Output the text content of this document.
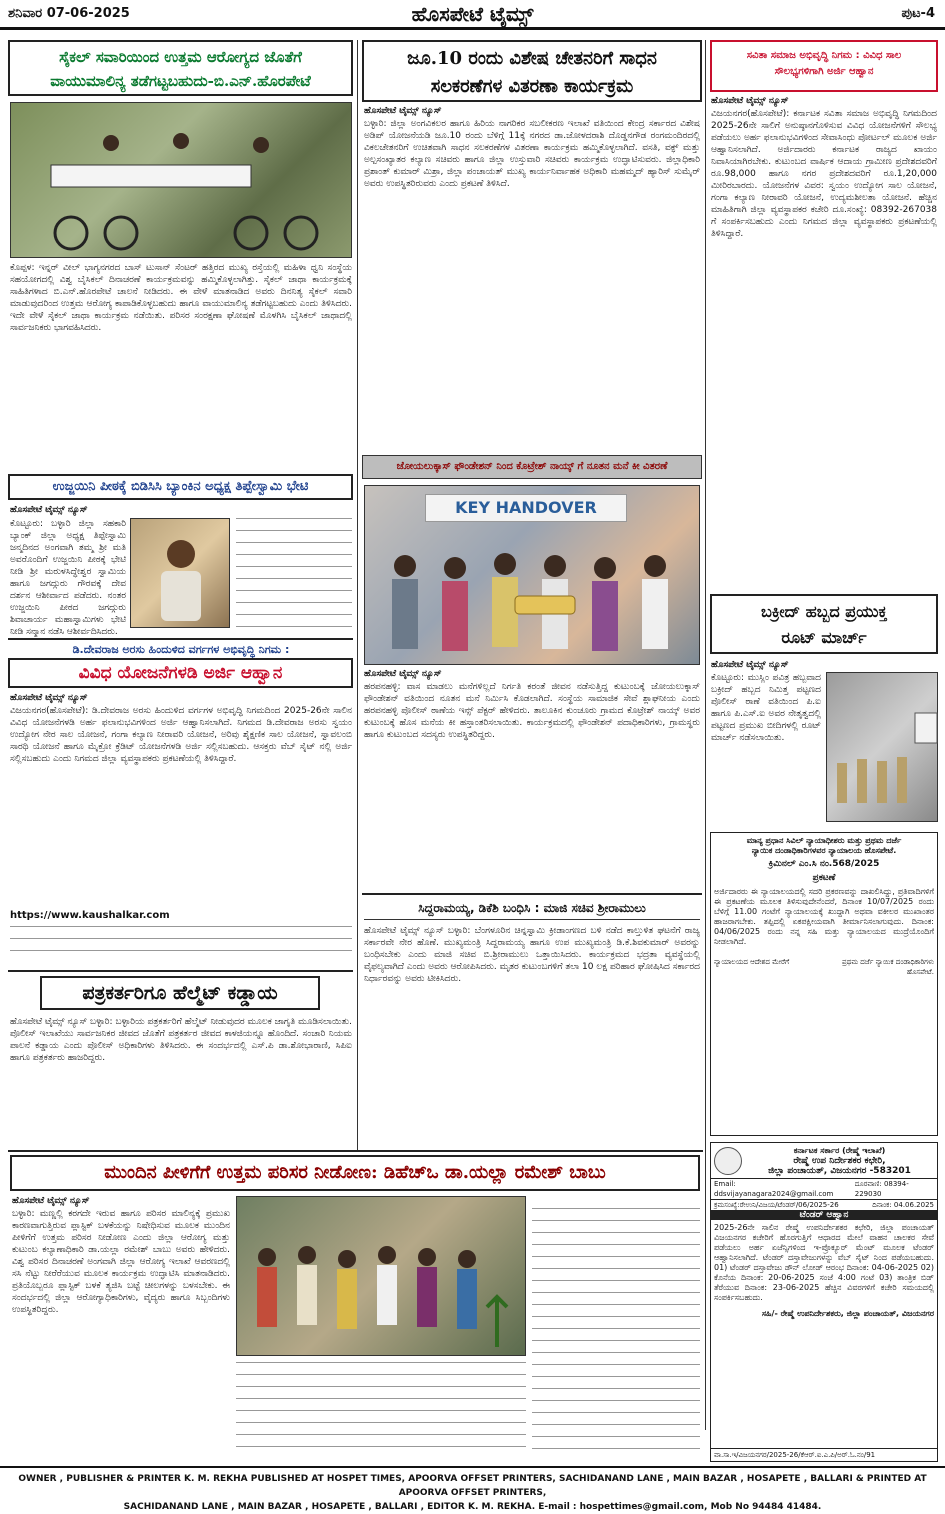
ಶನಿವಾರ 07-06-2025	ಹೊಸಪೇಟೆ ಟೈಮ್ಸ್	ಪುಟ-4
ಸೈಕಲ್ ಸವಾರಿಯಿಂದ ಉತ್ತಮ ಆರೋಗ್ಯದ ಜೊತೆಗೆ
ವಾಯುಮಾಲಿನ್ಯ ತಡೆಗಟ್ಟಬಹುದು-ಬಿ.ಎನ್.ಹೊರಪೇಟೆ
ಕೊಪ್ಪಳ: ಇನ್ನರ್ ವೀಲ್ ಭಾಗ್ಯನಗರದ ಬಾಸ್ ಟುಸಾನ್ ಸೆಂಟರ್ ಹತ್ತಿರದ ಮುಖ್ಯ ರಸ್ತೆಯಲ್ಲಿ ಮಹಿಳಾ ಧ್ವನಿ ಸಂಸ್ಥೆಯ ಸಹಯೋಗದಲ್ಲಿ ವಿಶ್ವ ಬೈಸಿಕಲ್ ದಿನಾಚರಣೆ ಕಾರ್ಯಕ್ರಮವನ್ನು ಹಮ್ಮಿಕೊಳ್ಳಲಾಗಿತ್ತು. ಸೈಕಲ್ ಜಾಥಾ ಕಾರ್ಯಕ್ರಮಕ್ಕೆ ಸಾಹಿತಿಗಳಾದ ಬಿ.ಎನ್.ಹೊರಪೇಟೆ ಚಾಲನೆ ನೀಡಿದರು. ಈ ವೇಳೆ ಮಾತನಾಡಿದ ಅವರು ದಿನನಿತ್ಯ ಸೈಕಲ್ ಸವಾರಿ ಮಾಡುವುದರಿಂದ ಉತ್ತಮ ಆರೋಗ್ಯ ಕಾಪಾಡಿಕೊಳ್ಳಬಹುದು ಹಾಗೂ ವಾಯುಮಾಲಿನ್ಯ ತಡೆಗಟ್ಟಬಹುದು ಎಂದು ತಿಳಿಸಿದರು. ಇದೇ ವೇಳೆ ಸೈಕಲ್ ಜಾಥಾ ಕಾರ್ಯಕ್ರಮ ನಡೆಯಿತು. ಪರಿಸರ ಸಂರಕ್ಷಣಾ ಘೋಷಣೆ ಮೊಳಗಿಸಿ ಬೈಸಿಕಲ್ ಜಾಥಾದಲ್ಲಿ ಸಾರ್ವಜನಿಕರು ಭಾಗವಹಿಸಿದರು.
ಉಜ್ಜಯಿನಿ ಪೀಠಕ್ಕೆ ಬಿಡಿಸಿಸಿ ಬ್ಯಾಂಕಿನ ಅಧ್ಯಕ್ಷ ತಿಪ್ಪೇಸ್ವಾಮಿ ಭೇಟಿ
ಹೊಸಪೇಟೆ ಟೈಮ್ಸ್ ನ್ಯೂಸ್
ಕೊಟ್ಟೂರು: ಬಳ್ಳಾರಿ ಜಿಲ್ಲಾ ಸಹಕಾರಿ ಬ್ಯಾಂಕ್ ಜಿಲ್ಲಾ ಅಧ್ಯಕ್ಷ ತಿಪ್ಪೇಸ್ವಾಮಿ ಜನ್ಮದಿನದ ಅಂಗವಾಗಿ ತಮ್ಮ ಶ್ರೀ ಮತಿ ಅವರೊಂದಿಗೆ ಉಜ್ಜಯಿನಿ ಪೀಠಕ್ಕೆ ಭೇಟಿ ನೀಡಿ ಶ್ರೀ ಮರುಳಸಿದ್ಧೇಶ್ವರ ಸ್ವಾಮಿಯ ಹಾಗೂ ಜಗದ್ಗುರು ಗೌರವಕ್ಕೆ ದೇವ ದರ್ಶನ ಆಶೀರ್ವಾದ ಪಡೆದರು. ನಂತರ ಉಜ್ಜಯಿನಿ ಪೀಠದ ಜಗದ್ಗುರು ಶಿವಾಚಾರ್ಯ ಮಹಾಸ್ವಾಮಿಗಳು ಭೇಟಿ ನೀಡಿ ಸನ್ಮಾನ ನಡೆಸಿ ಆಶೀರ್ವದಿಸಿದರು.
ಡಿ.ದೇವರಾಜ ಅರಸು ಹಿಂದುಳಿದ ವರ್ಗಗಳ ಅಭಿವೃದ್ಧಿ ನಿಗಮ :
ವಿವಿಧ ಯೋಜನೆಗಳಡಿ ಅರ್ಜಿ ಆಹ್ವಾನ
ಹೊಸಪೇಟೆ ಟೈಮ್ಸ್ ನ್ಯೂಸ್
ವಿಜಯನಗರ(ಹೊಸಪೇಟೆ): ಡಿ.ದೇವರಾಜ ಅರಸು ಹಿಂದುಳಿದ ವರ್ಗಗಳ ಅಭಿವೃದ್ಧಿ ನಿಗಮದಿಂದ 2025-26ನೇ ಸಾಲಿನ ವಿವಿಧ ಯೋಜನೆಗಳಡಿ ಅರ್ಹ ಫಲಾನುಭವಿಗಳಿಂದ ಅರ್ಜಿ ಆಹ್ವಾನಿಸಲಾಗಿದೆ. ನಿಗಮದ ಡಿ.ದೇವರಾಜ ಅರಸು ಸ್ವಯಂ ಉದ್ಯೋಗ ನೇರ ಸಾಲ ಯೋಜನೆ, ಗಂಗಾ ಕಲ್ಯಾಣ ನೀರಾವರಿ ಯೋಜನೆ, ಅರಿವು ಶೈಕ್ಷಣಿಕ ಸಾಲ ಯೋಜನೆ, ಸ್ವಾವಲಂಬಿ ಸಾರಥಿ ಯೋಜನೆ ಹಾಗೂ ಮೈಕ್ರೋ ಕ್ರೆಡಿಟ್ ಯೋಜನೆಗಳಡಿ ಅರ್ಜಿ ಸಲ್ಲಿಸಬಹುದು. ಆಸಕ್ತರು ವೆಬ್ ಸೈಟ್ ನಲ್ಲಿ ಅರ್ಜಿ ಸಲ್ಲಿಸಬಹುದು ಎಂದು ನಿಗಮದ ಜಿಲ್ಲಾ ವ್ಯವಸ್ಥಾಪಕರು ಪ್ರಕಟಣೆಯಲ್ಲಿ ತಿಳಿಸಿದ್ದಾರೆ.
https://www.kaushalkar.com
ಪತ್ರಕರ್ತರಿಗೂ ಹೆಲ್ಮೆಟ್ ಕಡ್ಡಾಯ
ಹೊಸಪೇಟೆ ಟೈಮ್ಸ್ ನ್ಯೂಸ್ ಬಳ್ಳಾರಿ: ಬಳ್ಳಾರಿಯ ಪತ್ರಕರ್ತರಿಗೆ ಹೆಲ್ಮೆಟ್ ನೀಡುವುದರ ಮೂಲಕ ಜಾಗೃತಿ ಮೂಡಿಸಲಾಯಿತು. ಪೊಲೀಸ್ ಇಲಾಖೆಯು ಸಾರ್ವಜನಿಕರ ಜೀವದ ಜೊತೆಗೆ ಪತ್ರಕರ್ತರ ಜೀವದ ಕಾಳಜಿಯನ್ನೂ ಹೊಂದಿದೆ. ಸಂಚಾರಿ ನಿಯಮ ಪಾಲನೆ ಕಡ್ಡಾಯ ಎಂದು ಪೊಲೀಸ್ ಅಧಿಕಾರಿಗಳು ತಿಳಿಸಿದರು. ಈ ಸಂದರ್ಭದಲ್ಲಿ ಎಸ್.ಪಿ ಡಾ.ಶೋಭಾರಾಣಿ, ಸಿಪಿಐ ಹಾಗೂ ಪತ್ರಕರ್ತರು ಹಾಜರಿದ್ದರು.
ಜೂ.10 ರಂದು ವಿಶೇಷ ಚೇತನರಿಗೆ ಸಾಧನ
ಸಲಕರಣೆಗಳ ವಿತರಣಾ ಕಾರ್ಯಕ್ರಮ
ಹೊಸಪೇಟೆ ಟೈಮ್ಸ್ ನ್ಯೂಸ್
ಬಳ್ಳಾರಿ: ಜಿಲ್ಲಾ ಅಂಗವಿಕಲರ ಹಾಗೂ ಹಿರಿಯ ನಾಗರಿಕರ ಸಬಲೀಕರಣ ಇಲಾಖೆ ವತಿಯಿಂದ ಕೇಂದ್ರ ಸರ್ಕಾರದ ವಿಶೇಷ ಅಡಿಪ್ ಯೋಜನೆಯಡಿ ಜೂ.10 ರಂದು ಬೆಳಿಗ್ಗೆ 11ಕ್ಕೆ ನಗರದ ಡಾ.ಜೋಳದರಾಶಿ ದೊಡ್ಡನಗೌಡ ರಂಗಮಂದಿರದಲ್ಲಿ ವಿಕಲಚೇತನರಿಗೆ ಉಚಿತವಾಗಿ ಸಾಧನ ಸಲಕರಣೆಗಳ ವಿತರಣಾ ಕಾರ್ಯಕ್ರಮ ಹಮ್ಮಿಕೊಳ್ಳಲಾಗಿದೆ. ವಸತಿ, ವಕ್ಫ್ ಮತ್ತು ಅಲ್ಪಸಂಖ್ಯಾತರ ಕಲ್ಯಾಣ ಸಚಿವರು ಹಾಗೂ ಜಿಲ್ಲಾ ಉಸ್ತುವಾರಿ ಸಚಿವರು ಕಾರ್ಯಕ್ರಮ ಉದ್ಘಾಟಿಸುವರು. ಜಿಲ್ಲಾಧಿಕಾರಿ ಪ್ರಶಾಂತ್ ಕುಮಾರ್ ಮಿಶ್ರಾ, ಜಿಲ್ಲಾ ಪಂಚಾಯತ್ ಮುಖ್ಯ ಕಾರ್ಯನಿರ್ವಾಹಕ ಅಧಿಕಾರಿ ಮಹಮ್ಮದ್ ಹ್ಯಾರಿಸ್ ಸುಮೈರ್ ಅವರು ಉಪಸ್ಥಿತರಿರುವರು ಎಂದು ಪ್ರಕಟಣೆ ತಿಳಿಸಿದೆ.
ಜೋಯಲುಕ್ಕಾಸ್ ಫೌಂಡೇಶನ್ ನಿಂದ ಕೊಟ್ರೇಶ್ ನಾಯ್ಕ್ ಗೆ ನೂತನ ಮನೆ ಕೀ ವಿತರಣೆ
KEY HANDOVER
ಹೊಸಪೇಟೆ ಟೈಮ್ಸ್ ನ್ಯೂಸ್
ಹರಪನಹಳ್ಳಿ: ವಾಸ ಮಾಡಲು ಮನೆಗಳಿಲ್ಲದೆ ನಿರ್ಗತಿ ಕರಂತೆ ಜೀವನ ನಡೆಸುತ್ತಿದ್ದ ಕುಟುಂಬಕ್ಕೆ ಜೋಯಲುಕ್ಕಾಸ್ ಫೌಂಡೇಶನ್ ವತಿಯಿಂದ ನೂತನ ಮನೆ ನಿರ್ಮಿಸಿ ಕೊಡಲಾಗಿದೆ. ಸಂಸ್ಥೆಯ ಸಾಮಾಜಿಕ ಸೇವೆ ಶ್ಲಾಘನೀಯ ಎಂದು ಹರಪನಹಳ್ಳಿ ಪೊಲೀಸ್ ಠಾಣೆಯ ಇನ್ಸ್ ಪೆಕ್ಟರ್ ಹೇಳಿದರು. ತಾಲೂಕಿನ ಕುಂಚೂರು ಗ್ರಾಮದ ಕೊಟ್ರೇಶ್ ನಾಯ್ಕ್ ಅವರ ಕುಟುಂಬಕ್ಕೆ ಹೊಸ ಮನೆಯ ಕೀ ಹಸ್ತಾಂತರಿಸಲಾಯಿತು. ಕಾರ್ಯಕ್ರಮದಲ್ಲಿ ಫೌಂಡೇಶನ್ ಪದಾಧಿಕಾರಿಗಳು, ಗ್ರಾಮಸ್ಥರು ಹಾಗೂ ಕುಟುಂಬದ ಸದಸ್ಯರು ಉಪಸ್ಥಿತರಿದ್ದರು.
ಸಿದ್ದರಾಮಯ್ಯ, ಡಿಕೆಶಿ ಬಂಧಿಸಿ : ಮಾಜಿ ಸಚಿವ ಶ್ರೀರಾಮುಲು
ಹೊಸಪೇಟೆ ಟೈಮ್ಸ್ ನ್ಯೂಸ್ ಬಳ್ಳಾರಿ: ಬೆಂಗಳೂರಿನ ಚಿನ್ನಸ್ವಾಮಿ ಕ್ರೀಡಾಂಗಣದ ಬಳಿ ನಡೆದ ಕಾಲ್ತುಳಿತ ಘಟನೆಗೆ ರಾಜ್ಯ ಸರ್ಕಾರವೇ ನೇರ ಹೊಣೆ. ಮುಖ್ಯಮಂತ್ರಿ ಸಿದ್ದರಾಮಯ್ಯ ಹಾಗೂ ಉಪ ಮುಖ್ಯಮಂತ್ರಿ ಡಿ.ಕೆ.ಶಿವಕುಮಾರ್ ಅವರನ್ನು ಬಂಧಿಸಬೇಕು ಎಂದು ಮಾಜಿ ಸಚಿವ ಬಿ.ಶ್ರೀರಾಮುಲು ಒತ್ತಾಯಿಸಿದರು. ಕಾರ್ಯಕ್ರಮದ ಭದ್ರತಾ ವ್ಯವಸ್ಥೆಯಲ್ಲಿ ವೈಫಲ್ಯವಾಗಿದೆ ಎಂದು ಅವರು ಆರೋಪಿಸಿದರು. ಮೃತರ ಕುಟುಂಬಗಳಿಗೆ ತಲಾ 10 ಲಕ್ಷ ಪರಿಹಾರ ಘೋಷಿಸಿದ ಸರ್ಕಾರದ ನಿರ್ಧಾರವನ್ನು ಅವರು ಟೀಕಿಸಿದರು.
ಸವಿತಾ ಸಮಾಜ ಅಭಿವೃದ್ಧಿ ನಿಗಮ : ವಿವಿಧ ಸಾಲ
ಸೌಲಭ್ಯಗಳಿಗಾಗಿ ಅರ್ಜಿ ಆಹ್ವಾನ
ಹೊಸಪೇಟೆ ಟೈಮ್ಸ್ ನ್ಯೂಸ್
ವಿಜಯನಗರ(ಹೊಸಪೇಟೆ): ಕರ್ನಾಟಕ ಸವಿತಾ ಸಮಾಜ ಅಭಿವೃದ್ಧಿ ನಿಗಮದಿಂದ 2025-26ನೇ ಸಾಲಿಗೆ ಅನುಷ್ಠಾನಗೊಳಿಸುವ ವಿವಿಧ ಯೋಜನೆಗಳಿಗೆ ಸೌಲಭ್ಯ ಪಡೆಯಲು ಅರ್ಹ ಫಲಾನುಭವಿಗಳಿಂದ ಸೇವಾಸಿಂಧು ಪೋರ್ಟಲ್ ಮೂಲಕ ಅರ್ಜಿ ಆಹ್ವಾನಿಸಲಾಗಿದೆ. ಅರ್ಜಿದಾರರು ಕರ್ನಾಟಕ ರಾಜ್ಯದ ಖಾಯಂ ನಿವಾಸಿಯಾಗಿರಬೇಕು. ಕುಟುಂಬದ ವಾರ್ಷಿಕ ಆದಾಯ ಗ್ರಾಮೀಣ ಪ್ರದೇಶದವರಿಗೆ ರೂ.98,000 ಹಾಗೂ ನಗರ ಪ್ರದೇಶದವರಿಗೆ ರೂ.1,20,000 ಮೀರಿರಬಾರದು. ಯೋಜನೆಗಳ ವಿವರ: ಸ್ವಯಂ ಉದ್ಯೋಗ ಸಾಲ ಯೋಜನೆ, ಗಂಗಾ ಕಲ್ಯಾಣ ನೀರಾವರಿ ಯೋಜನೆ, ಉದ್ಯಮಶೀಲತಾ ಯೋಜನೆ. ಹೆಚ್ಚಿನ ಮಾಹಿತಿಗಾಗಿ ಜಿಲ್ಲಾ ವ್ಯವಸ್ಥಾಪಕರ ಕಚೇರಿ ದೂ.ಸಂಖ್ಯೆ: 08392-267038 ಗೆ ಸಂಪರ್ಕಿಸಬಹುದು ಎಂದು ನಿಗಮದ ಜಿಲ್ಲಾ ವ್ಯವಸ್ಥಾಪಕರು ಪ್ರಕಟಣೆಯಲ್ಲಿ ತಿಳಿಸಿದ್ದಾರೆ.
ಬಕ್ರೀದ್ ಹಬ್ಬದ ಪ್ರಯುಕ್ತ
ರೂಟ್ ಮಾರ್ಚ್
ಹೊಸಪೇಟೆ ಟೈಮ್ಸ್ ನ್ಯೂಸ್
ಕೊಟ್ಟೂರು: ಮುಸ್ಲಿಂ ಪವಿತ್ರ ಹಬ್ಬವಾದ ಬಕ್ರೀದ್ ಹಬ್ಬದ ನಿಮಿತ್ತ ಪಟ್ಟಣದ ಪೊಲೀಸ್ ಠಾಣೆ ವತಿಯಿಂದ ಪಿ.ಐ ಹಾಗೂ ಪಿ.ಎಸ್.ಐ ಅವರ ನೇತೃತ್ವದಲ್ಲಿ ಪಟ್ಟಣದ ಪ್ರಮುಖ ಬೀದಿಗಳಲ್ಲಿ ರೂಟ್ ಮಾರ್ಚ್ ನಡೆಸಲಾಯಿತು.
ಮಾನ್ಯ ಪ್ರಧಾನ ಸಿವಿಲ್ ನ್ಯಾಯಾಧೀಶರು ಮತ್ತು ಪ್ರಥಮ ದರ್ಜೆ
ನ್ಯಾಯಿಕ ದಂಡಾಧಿಕಾರಿಗಳವರ ನ್ಯಾಯಾಲಯ ಹೊಸಪೇಟೆ.
ಕ್ರಿಮಿನಲ್ ಎಂ.ಸಿ ನಂ.568/2025
ಪ್ರಕಟಣೆ
ಅರ್ಜಿದಾರರು ಈ ನ್ಯಾಯಾಲಯದಲ್ಲಿ ಸದರಿ ಪ್ರಕರಣವನ್ನು ದಾಖಲಿಸಿದ್ದು, ಪ್ರತಿವಾದಿಗಳಿಗೆ ಈ ಪ್ರಕಟಣೆಯ ಮೂಲಕ ತಿಳಿಸುವುದೇನೆಂದರೆ, ದಿನಾಂಕ 10/07/2025 ರಂದು ಬೆಳಿಗ್ಗೆ 11.00 ಗಂಟೆಗೆ ನ್ಯಾಯಾಲಯಕ್ಕೆ ಖುದ್ದಾಗಿ ಅಥವಾ ವಕೀಲರ ಮುಖಾಂತರ ಹಾಜರಾಗಬೇಕು. ತಪ್ಪಿದಲ್ಲಿ ಏಕಪಕ್ಷೀಯವಾಗಿ ತೀರ್ಮಾನಿಸಲಾಗುವುದು. ದಿನಾಂಕ: 04/06/2025 ರಂದು ನನ್ನ ಸಹಿ ಮತ್ತು ನ್ಯಾಯಾಲಯದ ಮುದ್ರೆಯೊಂದಿಗೆ ನೀಡಲಾಗಿದೆ.
ನ್ಯಾಯಾಲಯದ ಆದೇಶದ ಮೇರೆಗೆ	ಪ್ರಥಮ ದರ್ಜೆ ನ್ಯಾಯಿಕ ದಂಡಾಧಿಕಾರಿಗಳು ಹೊಸಪೇಟೆ.
ಮುಂದಿನ ಪೀಳಿಗೆಗೆ ಉತ್ತಮ ಪರಿಸರ ನೀಡೋಣ: ಡಿಹೆಚ್ಒ ಡಾ.ಯಲ್ಲಾ ರಮೇಶ್ ಬಾಬು
ಹೊಸಪೇಟೆ ಟೈಮ್ಸ್ ನ್ಯೂಸ್
ಬಳ್ಳಾರಿ: ಮಣ್ಣಲ್ಲಿ ಕರಗದೇ ಇರುವ ಹಾಗೂ ಪರಿಸರ ಮಾಲಿನ್ಯಕ್ಕೆ ಪ್ರಮುಖ ಕಾರಣವಾಗುತ್ತಿರುವ ಪ್ಲಾಸ್ಟಿಕ್ ಬಳಕೆಯನ್ನು ನಿಷೇಧಿಸುವ ಮೂಲಕ ಮುಂದಿನ ಪೀಳಿಗೆಗೆ ಉತ್ತಮ ಪರಿಸರ ನೀಡೋಣ ಎಂದು ಜಿಲ್ಲಾ ಆರೋಗ್ಯ ಮತ್ತು ಕುಟುಂಬ ಕಲ್ಯಾಣಾಧಿಕಾರಿ ಡಾ.ಯಲ್ಲಾ ರಮೇಶ್ ಬಾಬು ಅವರು ಹೇಳಿದರು. ವಿಶ್ವ ಪರಿಸರ ದಿನಾಚರಣೆ ಅಂಗವಾಗಿ ಜಿಲ್ಲಾ ಆರೋಗ್ಯ ಇಲಾಖೆ ಆವರಣದಲ್ಲಿ ಸಸಿ ನೆಟ್ಟು ನೀರೆರೆಯುವ ಮೂಲಕ ಕಾರ್ಯಕ್ರಮ ಉದ್ಘಾಟಿಸಿ ಮಾತನಾಡಿದರು. ಪ್ರತಿಯೊಬ್ಬರೂ ಪ್ಲಾಸ್ಟಿಕ್ ಬಳಕೆ ತ್ಯಜಿಸಿ ಬಟ್ಟೆ ಚೀಲಗಳನ್ನು ಬಳಸಬೇಕು. ಈ ಸಂದರ್ಭದಲ್ಲಿ ಜಿಲ್ಲಾ ಆರೋಗ್ಯಾಧಿಕಾರಿಗಳು, ವೈದ್ಯರು ಹಾಗೂ ಸಿಬ್ಬಂದಿಗಳು ಉಪಸ್ಥಿತರಿದ್ದರು.
ಕರ್ನಾಟಕ ಸರ್ಕಾರ (ರೇಷ್ಮೆ ಇಲಾಖೆ)
ರೇಷ್ಮೆ ಉಪ ನಿರ್ದೇಶಕರ ಕಛೇರಿ,
ಜಿಲ್ಲಾ ಪಂಚಾಯತ್, ವಿಜಯನಗರ -583201
Email: ddsvijayanagara2024@gmail.com
ದೂರವಾಣಿ: 08394-229030
ಕ್ರಮಸಂಖ್ಯೆ:ರೇಉನಿ/ವಿಜಯ/ಟೆಂಡರ್/06/2025-26	ದಿನಾಂಕ: 04.06.2025
ಟೆಂಡರ್ ಆಹ್ವಾನ
2025-26ನೇ ಸಾಲಿನ ರೇಷ್ಮೆ ಉಪನಿರ್ದೇಶಕರ ಕಛೇರಿ, ಜಿಲ್ಲಾ ಪಂಚಾಯತ್ ವಿಜಯನಗರ ಕಚೇರಿಗೆ ಹೊರಗುತ್ತಿಗೆ ಆಧಾರದ ಮೇಲೆ ವಾಹನ ಚಾಲಕರ ಸೇವೆ ಪಡೆಯಲು ಅರ್ಹ ಏಜೆನ್ಸಿಗಳಿಂದ ಇ-ಪ್ರೊಕ್ಯೂರ್ ಮೆಂಟ್ ಮೂಲಕ ಟೆಂಡರ್ ಆಹ್ವಾನಿಸಲಾಗಿದೆ. ಟೆಂಡರ್ ದಸ್ತಾವೇಜುಗಳನ್ನು ವೆಬ್ ಸೈಟ್ ನಿಂದ ಪಡೆಯಬಹುದು. 01) ಟೆಂಡರ್ ದಸ್ತಾವೇಜು ಡೌನ್ ಲೋಡ್ ಆರಂಭ ದಿನಾಂಕ: 04-06-2025 02) ಕೊನೆಯ ದಿನಾಂಕ: 20-06-2025 ಸಂಜೆ 4:00 ಗಂಟೆ 03) ತಾಂತ್ರಿಕ ಬಿಡ್ ತೆರೆಯುವ ದಿನಾಂಕ: 23-06-2025 ಹೆಚ್ಚಿನ ವಿವರಗಳಿಗೆ ಕಚೇರಿ ಸಮಯದಲ್ಲಿ ಸಂಪರ್ಕಿಸಬಹುದು.
ಸಹಿ/- ರೇಷ್ಮೆ ಉಪನಿರ್ದೇಶಕರು, ಜಿಲ್ಲಾ ಪಂಚಾಯತ್, ವಿಜಯನಗರ
ವಾ.ಸಾ.ಇ/ವಿಜಯನಗರ/2025-26/ಕೆಆರ್.ಐ.ಎ.ಪಿ/ಅರ್.ಓ.ನಂ/91
OWNER , PUBLISHER & PRINTER K. M. REKHA PUBLISHED AT HOSPET TIMES, APOORVA OFFSET PRINTERS, SACHIDANAND LANE , MAIN BAZAR , HOSAPETE , BALLARI & PRINTED AT APOORVA OFFSET PRINTERS,
SACHIDANAND LANE , MAIN BAZAR , HOSAPETE , BALLARI , EDITOR K. M. REKHA. E-mail : hospettimes@gmail.com, Mob No 94484 41484.
